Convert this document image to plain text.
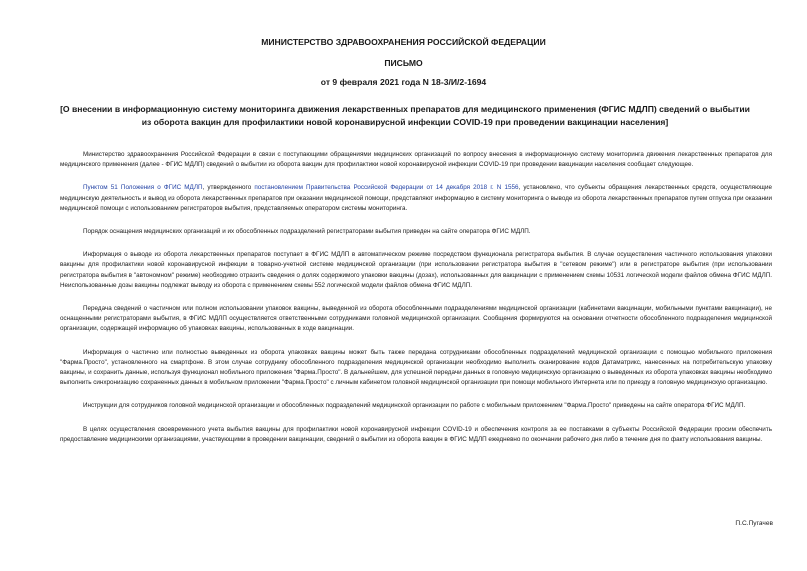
МИНИСТЕРСТВО ЗДРАВООХРАНЕНИЯ РОССИЙСКОЙ ФЕДЕРАЦИИ
ПИСЬМО
от 9 февраля 2021 года N 18-3/И/2-1694
[О внесении в информационную систему мониторинга движения лекарственных препаратов для медицинского применения (ФГИС МДЛП) сведений о выбытии из оборота вакцин для профилактики новой коронавирусной инфекции COVID-19 при проведении вакцинации населения]

Министерство здравоохранения Российской Федерации в связи с поступающими обращениями медицинских организаций по вопросу внесения в информационную систему мониторинга движения лекарственных препаратов для медицинского применения (далее - ФГИС МДЛП) сведений о выбытии из оборота вакцин для профилактики новой коронавирусной инфекции COVID-19 при проведении вакцинации населения сообщает следующее.

Пунктом 51 Положения о ФГИС МДЛП, утвержденного постановлением Правительства Российской Федерации от 14 декабря 2018 г. N 1556, установлено, что субъекты обращения лекарственных средств, осуществляющие медицинскую деятельность и вывод из оборота лекарственных препаратов при оказании медицинской помощи, представляют информацию в систему мониторинга о выводе из оборота лекарственных препаратов путем отпуска при оказании медицинской помощи с использованием регистраторов выбытия, представляемых оператором системы мониторинга.

Порядок оснащения медицинских организаций и их обособленных подразделений регистраторами выбытия приведен на сайте оператора ФГИС МДЛП.

Информация о выводе из оборота лекарственных препаратов поступает в ФГИС МДЛП в автоматическом режиме посредством функционала регистратора выбытия. В случае осуществления частичного использования упаковки вакцины для профилактики новой коронавирусной инфекции в товарно-учетной системе медицинской организации (при использовании регистратора выбытия в "сетевом режиме") или в регистраторе выбытия (при использовании регистратора выбытия в "автономном" режиме) необходимо отразить сведения о долях содержимого упаковки вакцины (дозах), использованных для вакцинации с применением схемы 10531 логической модели файлов обмена ФГИС МДЛП. Неиспользованные дозы вакцины подлежат выводу из оборота с применением схемы 552 логической модели файлов обмена ФГИС МДЛП.

Передача сведений о частичном или полном использовании упаковок вакцины, выведенной из оборота обособленными подразделениями медицинской организации (кабинетами вакцинации, мобильными пунктами вакцинации), не оснащенными регистраторами выбытия, в ФГИС МДЛП осуществляется ответственными сотрудниками головной медицинской организации. Сообщения формируются на основании отчетности обособленного подразделения медицинской организации, содержащей информацию об упаковках вакцины, использованных в ходе вакцинации.

Информация о частично или полностью выведенных из оборота упаковках вакцины может быть также передана сотрудниками обособленных подразделений медицинской организации с помощью мобильного приложения "Фарма.Просто", установленного на смартфоне. В этом случае сотруднику обособленного подразделения медицинской организации необходимо выполнить сканирование кодов Датаматрикс, нанесенных на потребительскую упаковку вакцины, и сохранить данные, используя функционал мобильного приложения "Фарма.Просто". В дальнейшем, для успешной передачи данных в головную медицинскую организацию о выведенных из оборота упаковках вакцины необходимо выполнить синхронизацию сохраненных данных в мобильном приложении "Фарма.Просто" с личным кабинетом головной медицинской организации при помощи мобильного Интернета или по приезду в головную медицинскую организацию.

Инструкции для сотрудников головной медицинской организации и обособленных подразделений медицинской организации по работе с мобильным приложением "Фарма.Просто" приведены на сайте оператора ФГИС МДЛП.

В целях осуществления своевременного учета выбытия вакцины для профилактики новой коронавирусной инфекции COVID-19 и обеспечения контроля за ее поставками в субъекты Российской Федерации просим обеспечить предоставление медицинскими организациями, участвующими в проведении вакцинации, сведений о выбытии из оборота вакцин в ФГИС МДЛП ежедневно по окончании рабочего дня либо в течение дня по факту использования вакцины.

П.С.Пугачев
